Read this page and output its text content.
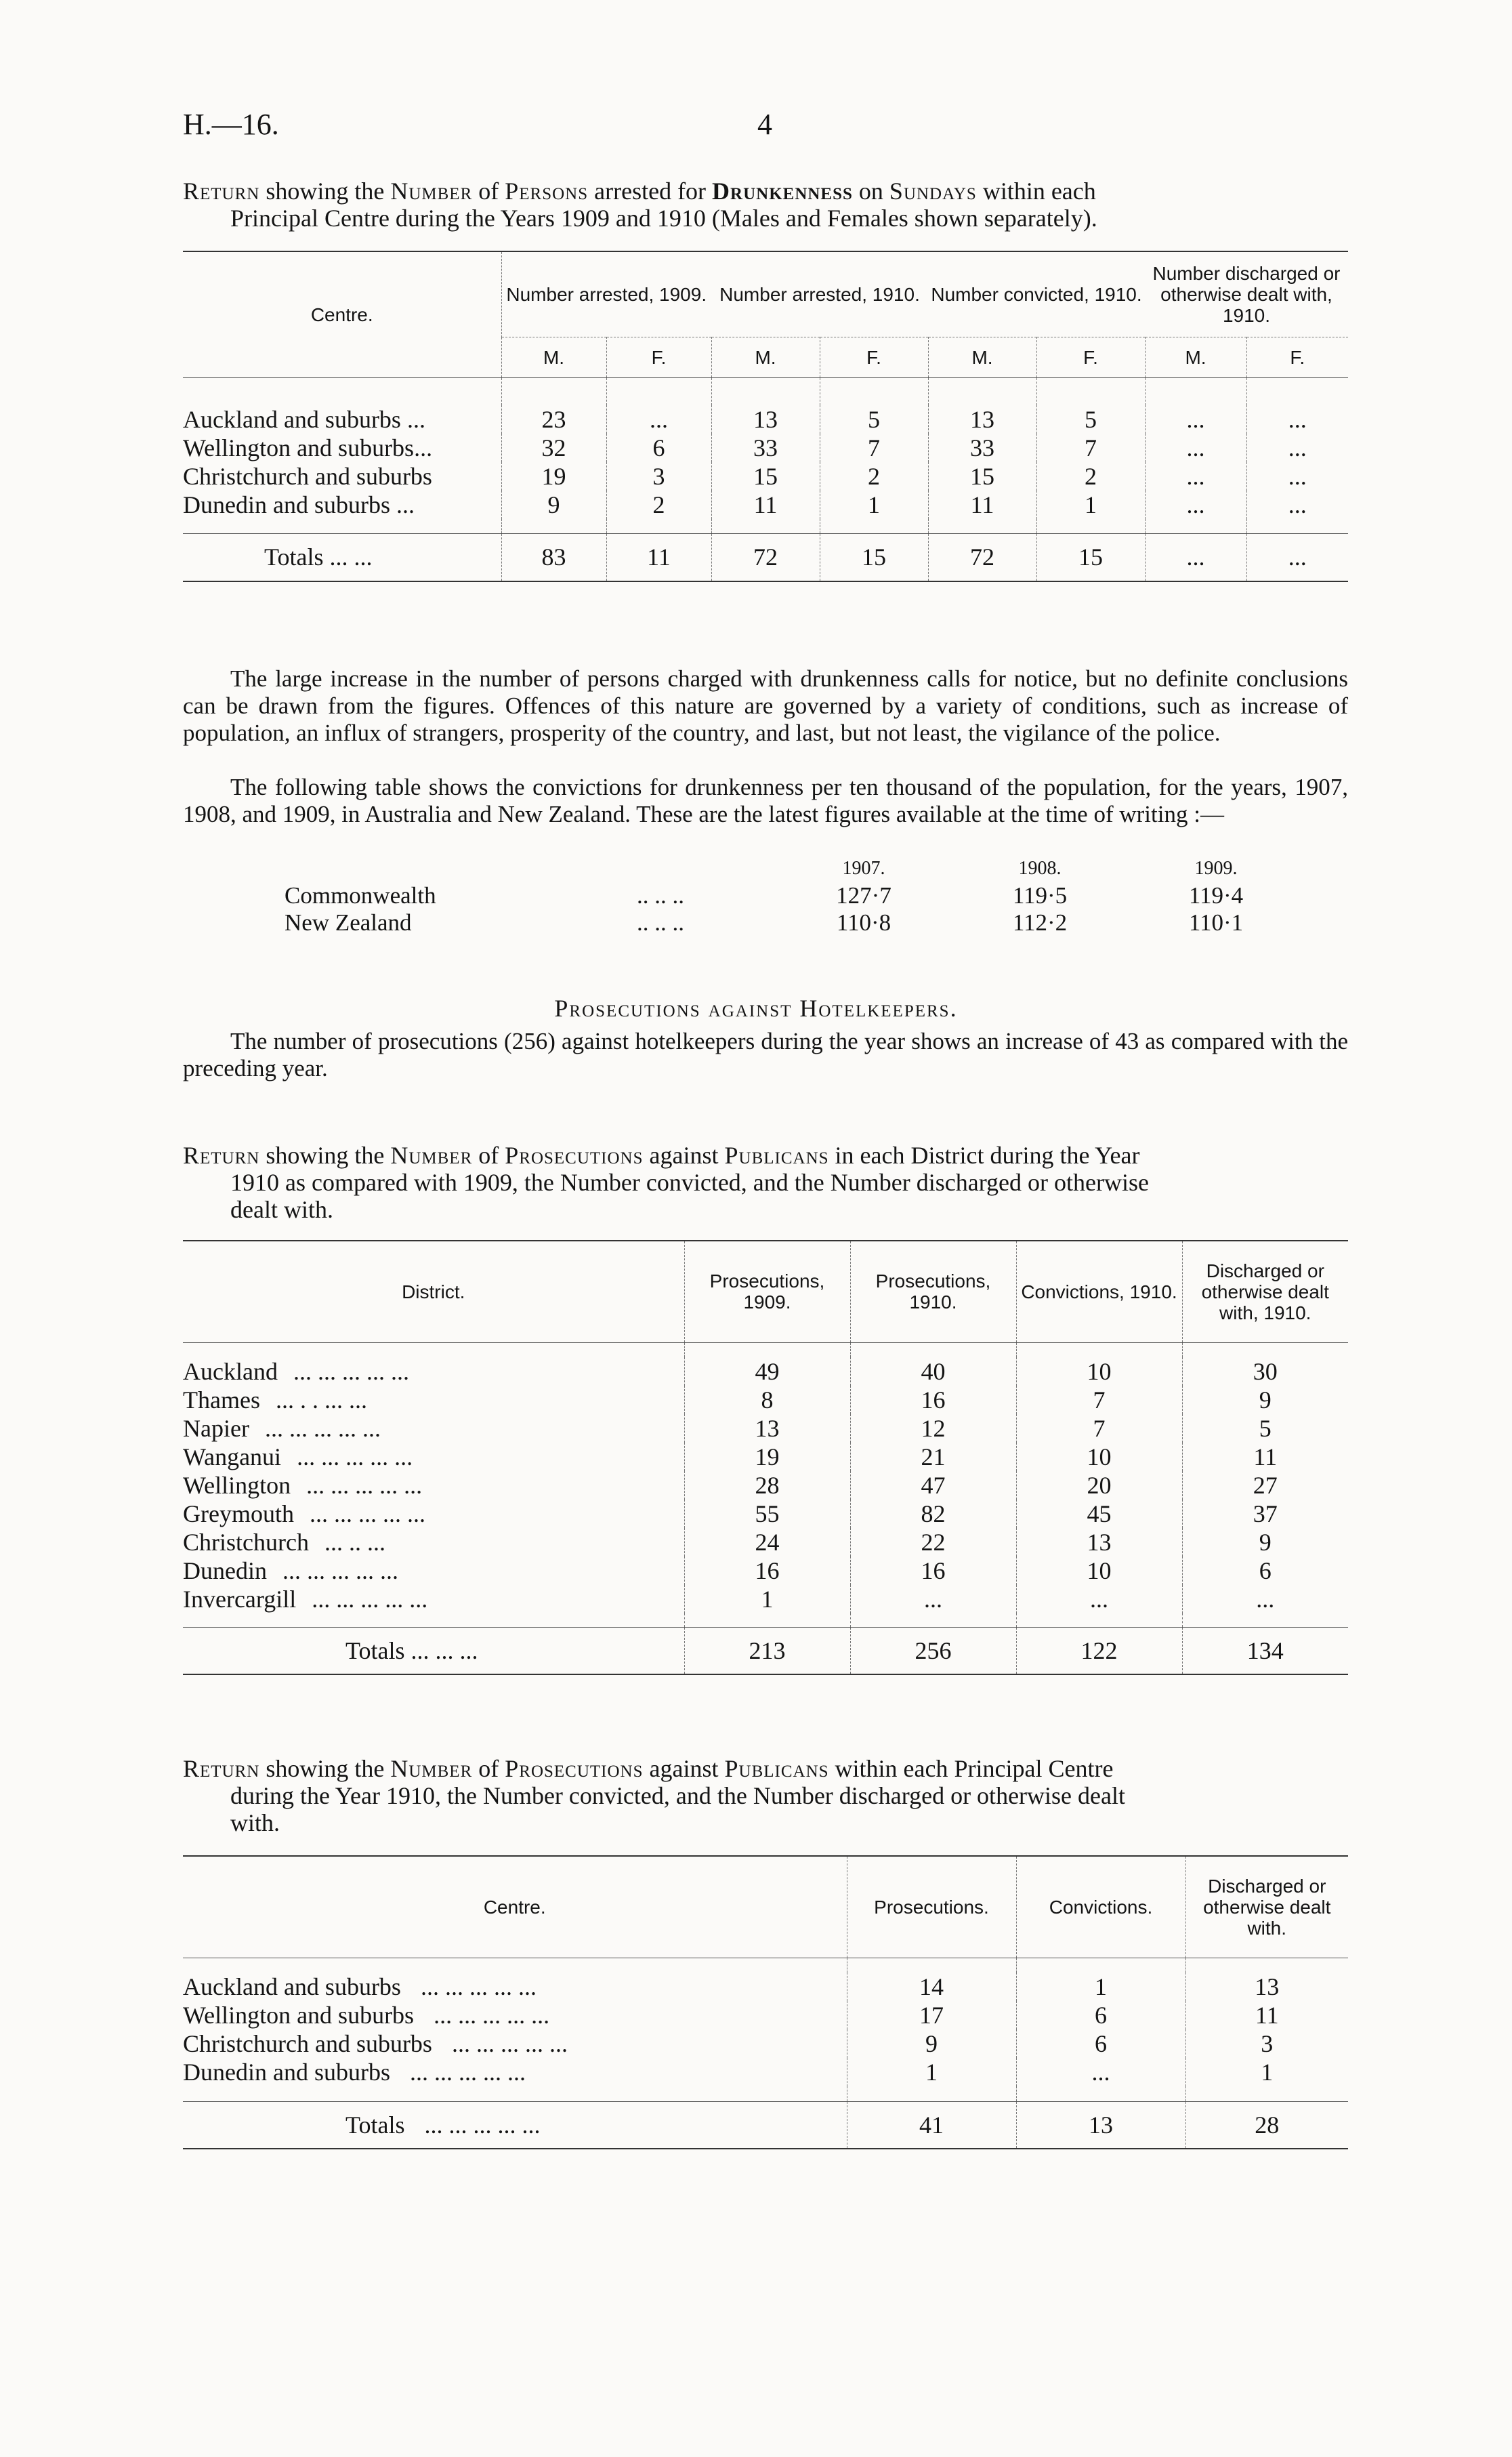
H.—16.	4
Return showing the Number of Persons arrested for Drunkenness on Sundays within each
Principal Centre during the Years 1909 and 1910 (Males and Females shown separately).
Centre.	Number arrested, 1909.		Number arrested, 1910.		Number convicted, 1910.		Number discharged or otherwise dealt with, 1910.	
	M.	F.	M.	F.	M.	F.	M.	F.

Auckland and suburbs ...	23	...	13	5	13	5	...	...
Wellington and suburbs...	32	6	33	7	33	7	...	...
Christchurch and suburbs	19	3	15	2	15	2	...	...
Dunedin and suburbs ...	9	2	11	1	11	1	...	...

Totals ... ...	83	11	72	15	72	15	...	...
The large increase in the number of persons charged with drunkenness calls for notice, but no definite conclusions can be drawn from the figures. Offences of this nature are governed by a variety of conditions, such as increase of population, an influx of strangers, prosperity of the country, and last, but not least, the vigilance of the police.
The following table shows the convictions for drunkenness per ten thousand of the population, for the years, 1907, 1908, and 1909, in Australia and New Zealand. These are the latest figures available at the time of writing :—
		1907.	1908.	1909.
Commonwealth	.. .. ..	127·7	119·5	119·4
New Zealand	.. .. ..	110·8	112·2	110·1
Prosecutions against Hotelkeepers.
The number of prosecutions (256) against hotelkeepers during the year shows an increase of 43 as compared with the preceding year.
Return showing the Number of Prosecutions against Publicans in each District during the Year
1910 as compared with 1909, the Number convicted, and the Number discharged or otherwise
dealt with.
District.	Prosecutions, 1909.	Prosecutions, 1910.	Convictions, 1910.	Discharged or otherwise dealt with, 1910.

Auckland ... ... ... ... ...	49	40	10	30
Thames ... . . ... ...	8	16	7	9
Napier ... ... ... ... ...	13	12	7	5
Wanganui ... ... ... ... ...	19	21	10	11
Wellington ... ... ... ... ...	28	47	20	27
Greymouth ... ... ... ... ...	55	82	45	37
Christchurch ... .. ...	24	22	13	9
Dunedin ... ... ... ... ...	16	16	10	6
Invercargill ... ... ... ... ...	1	...	...	...

Totals ... ... ...	213	256	122	134
Return showing the Number of Prosecutions against Publicans within each Principal Centre
during the Year 1910, the Number convicted, and the Number discharged or otherwise dealt
with.
Centre.	Prosecutions.	Convictions.	Discharged or otherwise dealt with.

Auckland and suburbs ... ... ... ... ...	14	1	13
Wellington and suburbs ... ... ... ... ...	17	6	11
Christchurch and suburbs ... ... ... ... ...	9	6	3
Dunedin and suburbs ... ... ... ... ...	1	...	1

Totals ... ... ... ... ...	41	13	28
